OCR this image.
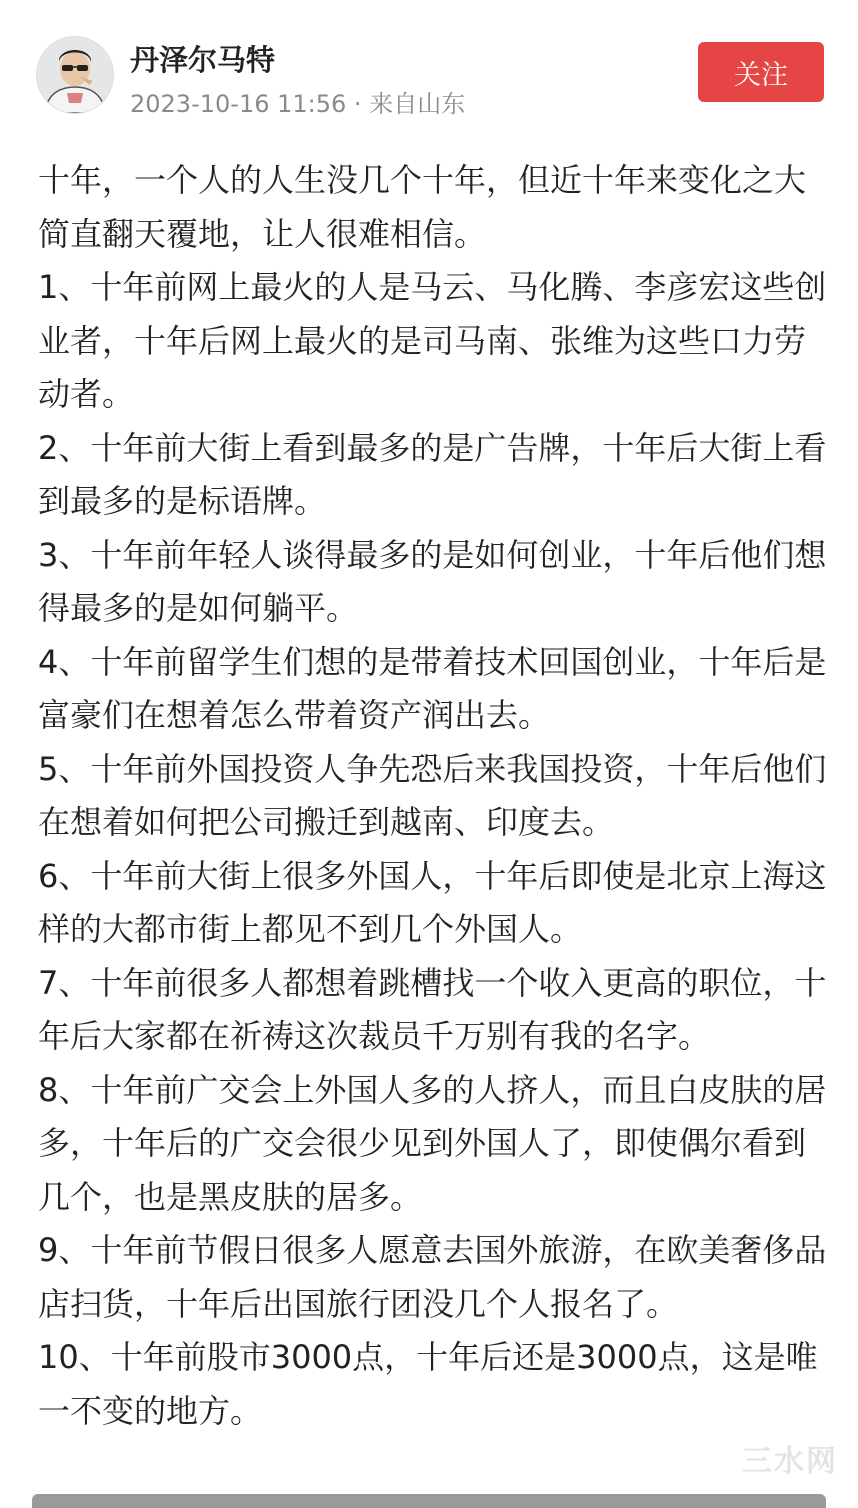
丹泽尔马特
2023-10-16 11:56 · 来自山东
关注

十年，一个人的人生没几个十年，但近十年来变化之大简直翻天覆地，让人很难相信。

1、十年前网上最火的人是马云、马化腾、李彦宏这些创业者，十年后网上最火的是司马南、张维为这些口力劳动者。

2、十年前大街上看到最多的是广告牌，十年后大街上看到最多的是标语牌。

3、十年前年轻人谈得最多的是如何创业，十年后他们想得最多的是如何躺平。

4、十年前留学生们想的是带着技术回国创业，十年后是富豪们在想着怎么带着资产润出去。

5、十年前外国投资人争先恐后来我国投资，十年后他们在想着如何把公司搬迁到越南、印度去。

6、十年前大街上很多外国人，十年后即使是北京上海这样的大都市街上都见不到几个外国人。

7、十年前很多人都想着跳槽找一个收入更高的职位，十年后大家都在祈祷这次裁员千万别有我的名字。

8、十年前广交会上外国人多的人挤人，而且白皮肤的居多，十年后的广交会很少见到外国人了，即使偶尔看到几个，也是黑皮肤的居多。

9、十年前节假日很多人愿意去国外旅游，在欧美奢侈品店扫货，十年后出国旅行团没几个人报名了。

10、十年前股市3000点，十年后还是3000点，这是唯一不变的地方。

三水网
